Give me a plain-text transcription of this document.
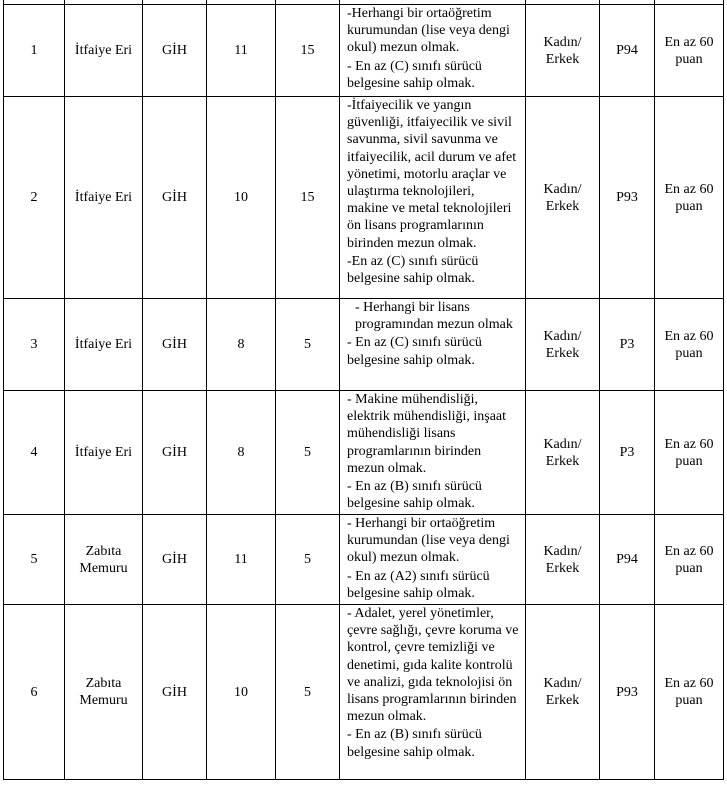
1	İtfaiye Eri	GİH	11	15	-Herhangi bir ortaöğretim kurumundan (lise veya dengi okul) mezun olmak.
- En az (C) sınıfı sürücü belgesine sahip olmak.	Kadın/ Erkek	P94	En az 60 puan
2	İtfaiye Eri	GİH	10	15	-İtfaiyecilik ve yangın güvenliği, itfaiyecilik ve sivil savunma, sivil savunma ve itfaiyecilik, acil durum ve afet yönetimi, motorlu araçlar ve ulaştırma teknolojileri, makine ve metal teknolojileri ön lisans programlarının birinden mezun olmak.
-En az (C) sınıfı sürücü belgesine sahip olmak.	Kadın/ Erkek	P93	En az 60 puan
3	İtfaiye Eri	GİH	8	5	- Herhangi bir lisans programından mezun olmak
- En az (C) sınıfı sürücü belgesine sahip olmak.	Kadın/ Erkek	P3	En az 60 puan
4	İtfaiye Eri	GİH	8	5	- Makine mühendisliği, elektrik mühendisliği, inşaat mühendisliği lisans programlarının birinden mezun olmak.
- En az (B) sınıfı sürücü belgesine sahip olmak.	Kadın/ Erkek	P3	En az 60 puan
5	Zabıta Memuru	GİH	11	5	- Herhangi bir ortaöğretim kurumundan (lise veya dengi okul) mezun olmak.
- En az (A2) sınıfı sürücü belgesine sahip olmak.	Kadın/ Erkek	P94	En az 60 puan
6	Zabıta Memuru	GİH	10	5	- Adalet, yerel yönetimler, çevre sağlığı, çevre koruma ve kontrol, çevre temizliği ve denetimi, gıda kalite kontrolü ve analizi, gıda teknolojisi ön lisans programlarının birinden mezun olmak.
- En az (B) sınıfı sürücü belgesine sahip olmak.	Kadın/ Erkek	P93	En az 60 puan
